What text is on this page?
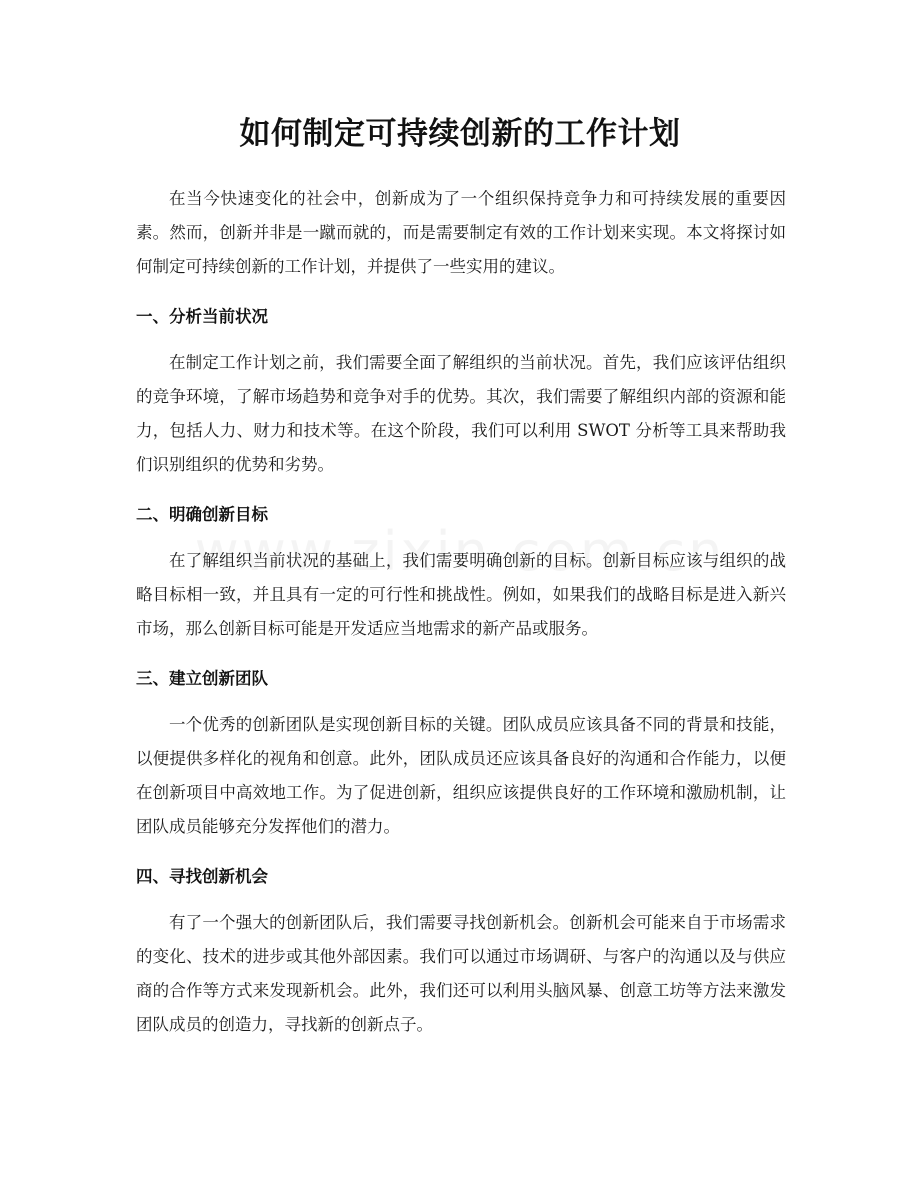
如何制定可持续创新的工作计划

在当今快速变化的社会中，创新成为了一个组织保持竞争力和可持续发展的重要因素。然而，创新并非是一蹴而就的，而是需要制定有效的工作计划来实现。本文将探讨如何制定可持续创新的工作计划，并提供了一些实用的建议。

一、分析当前状况

在制定工作计划之前，我们需要全面了解组织的当前状况。首先，我们应该评估组织的竞争环境，了解市场趋势和竞争对手的优势。其次，我们需要了解组织内部的资源和能力，包括人力、财力和技术等。在这个阶段，我们可以利用 SWOT 分析等工具来帮助我们识别组织的优势和劣势。

二、明确创新目标

在了解组织当前状况的基础上，我们需要明确创新的目标。创新目标应该与组织的战略目标相一致，并且具有一定的可行性和挑战性。例如，如果我们的战略目标是进入新兴市场，那么创新目标可能是开发适应当地需求的新产品或服务。

三、建立创新团队

一个优秀的创新团队是实现创新目标的关键。团队成员应该具备不同的背景和技能，以便提供多样化的视角和创意。此外，团队成员还应该具备良好的沟通和合作能力，以便在创新项目中高效地工作。为了促进创新，组织应该提供良好的工作环境和激励机制，让团队成员能够充分发挥他们的潜力。

四、寻找创新机会

有了一个强大的创新团队后，我们需要寻找创新机会。创新机会可能来自于市场需求的变化、技术的进步或其他外部因素。我们可以通过市场调研、与客户的沟通以及与供应商的合作等方式来发现新机会。此外，我们还可以利用头脑风暴、创意工坊等方法来激发团队成员的创造力，寻找新的创新点子。
